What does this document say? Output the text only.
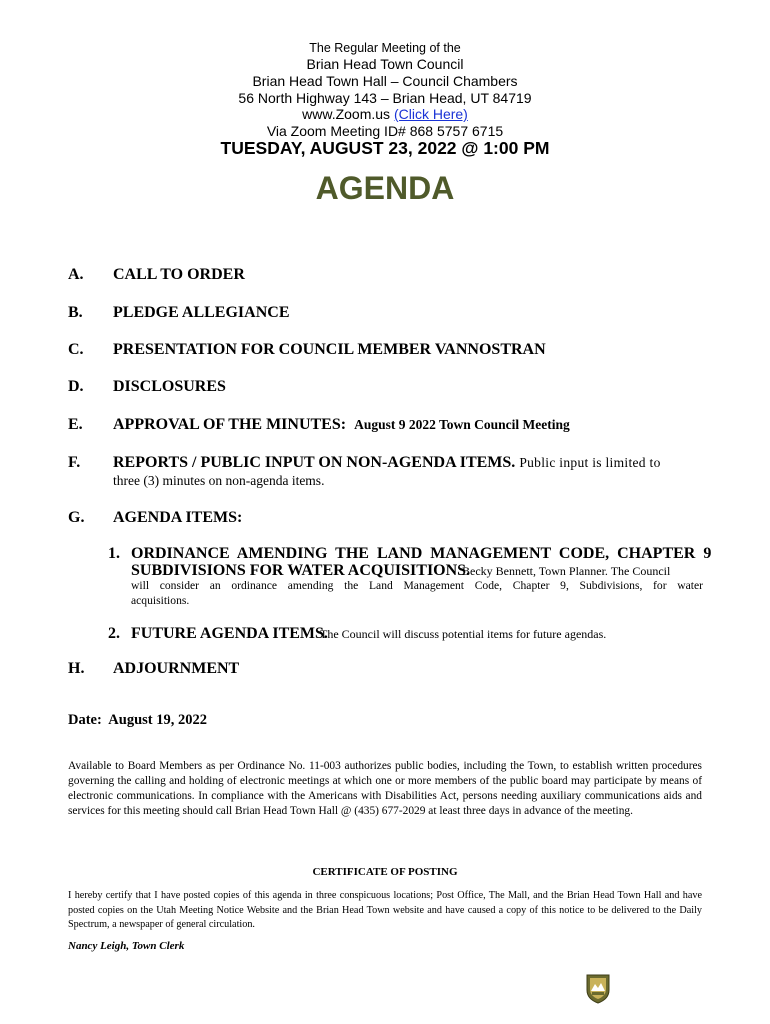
The Regular Meeting of the
Brian Head Town Council
Brian Head Town Hall – Council Chambers
56 North Highway 143 – Brian Head, UT 84719
www.Zoom.us (Click Here)
Via Zoom Meeting ID# 868 5757 6715
TUESDAY, AUGUST 23, 2022 @ 1:00 PM
AGENDA
A. CALL TO ORDER
B. PLEDGE ALLEGIANCE
C. PRESENTATION FOR COUNCIL MEMBER VANNOSTRAN
D. DISCLOSURES
E. APPROVAL OF THE MINUTES: August 9 2022 Town Council Meeting
F. REPORTS / PUBLIC INPUT ON NON-AGENDA ITEMS. Public input is limited to
three (3) minutes on non-agenda items.
G. AGENDA ITEMS:
1. ORDINANCE AMENDING THE LAND MANAGEMENT CODE, CHAPTER 9
SUBDIVISIONS FOR WATER ACQUISITIONS.
Becky Bennett, Town Planner. The Council
will consider an ordinance amending the Land Management Code, Chapter 9, Subdivisions, for water
acquisitions.
2. FUTURE AGENDA ITEMS.
The Council will discuss potential items for future agendas.
H. ADJOURNMENT
Date: August 19, 2022
Available to Board Members as per Ordinance No. 11-003 authorizes public bodies, including the Town, to establish written procedures governing the calling and holding of electronic meetings at which one or more members of the public board may participate by means of electronic communications. In compliance with the Americans with Disabilities Act, persons needing auxiliary communications aids and services for this meeting should call Brian Head Town Hall @ (435) 677-2029 at least three days in advance of the meeting.
CERTIFICATE OF POSTING
I hereby certify that I have posted copies of this agenda in three conspicuous locations; Post Office, The Mall, and the Brian Head Town Hall and have posted copies on the Utah Meeting Notice Website and the Brian Head Town website and have caused a copy of this notice to be delivered to the Daily Spectrum, a newspaper of general circulation.
Nancy Leigh, Town Clerk
